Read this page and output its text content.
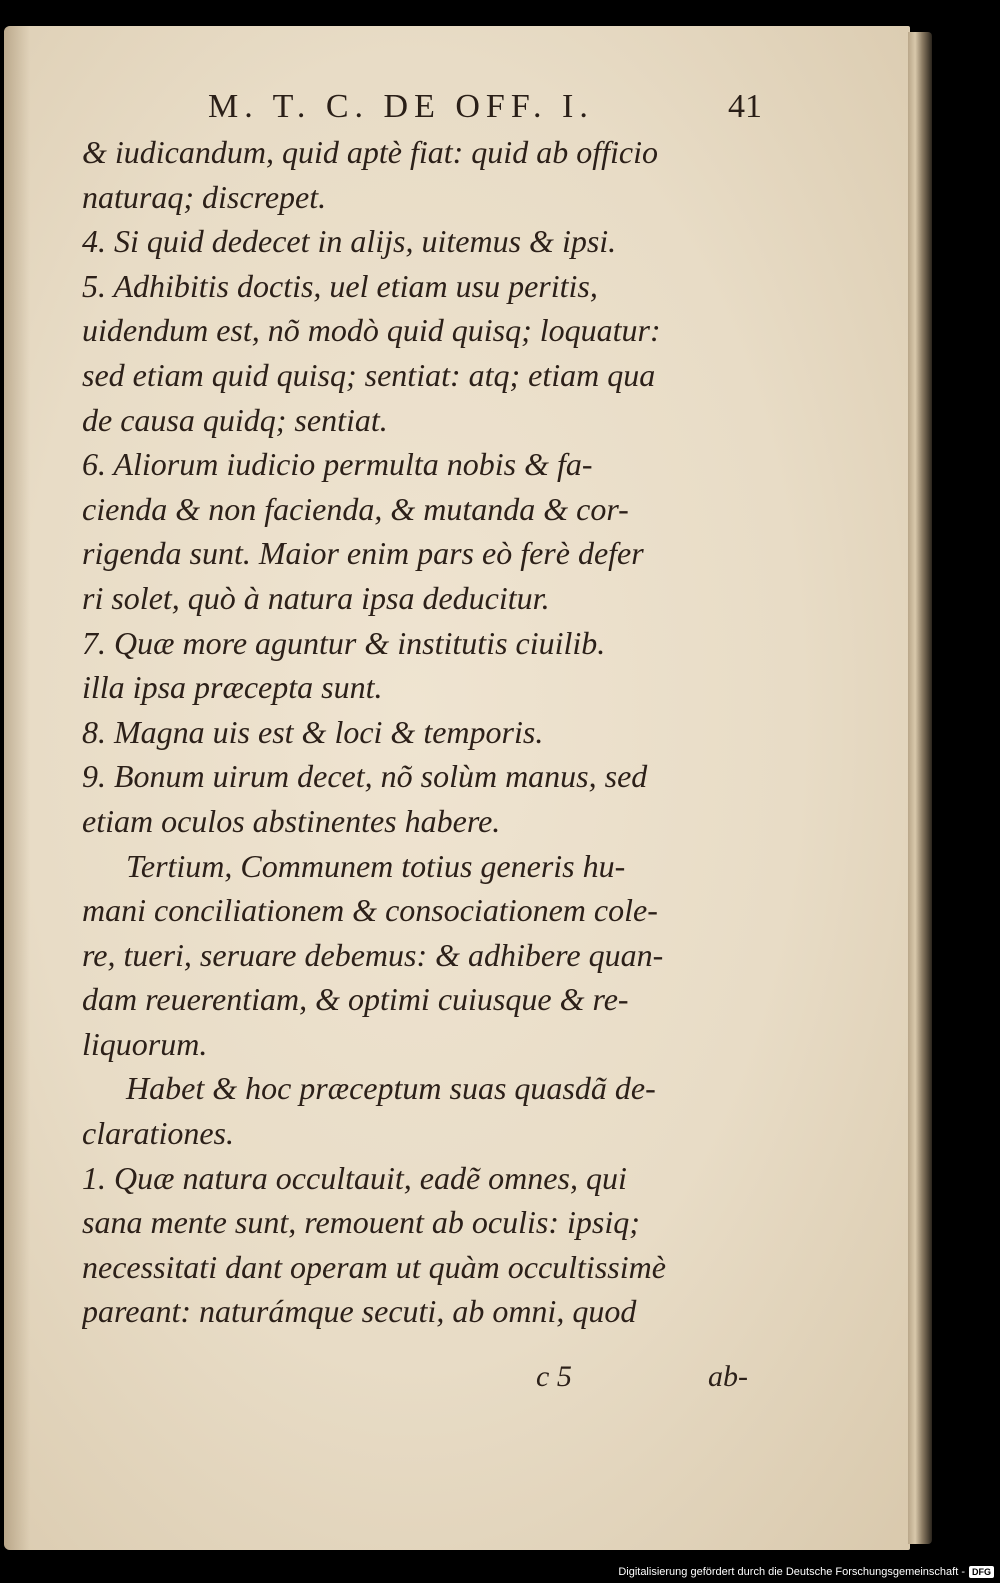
M. T. C. DE OFF. I.	41
& iudicandum, quid aptè fiat: quid ab officio
naturaq; discrepet.
4. Si quid dedecet in alijs, uitemus & ipsi.
5. Adhibitis doctis, uel etiam usu peritis,
uidendum est, nõ modò quid quisq; loquatur:
sed etiam quid quisq; sentiat: atq; etiam qua
de causa quidq; sentiat.
6. Aliorum iudicio permulta nobis & fa-
cienda & non facienda, & mutanda & cor-
rigenda sunt. Maior enim pars eò ferè defer
ri solet, quò à natura ipsa deducitur.
7. Quæ more aguntur & institutis ciuilib.
illa ipsa præcepta sunt.
8. Magna uis est & loci & temporis.
9. Bonum uirum decet, nõ solùm manus, sed
etiam oculos abstinentes habere.
Tertium, Communem totius generis hu-
mani conciliationem & consociationem cole-
re, tueri, seruare debemus: & adhibere quan-
dam reuerentiam, & optimi cuiusque & re-
liquorum.
Habet & hoc præceptum suas quasdã de-
clarationes.
1. Quæ natura occultauit, eadẽ omnes, qui
sana mente sunt, remouent ab oculis: ipsiq;
necessitati dant operam ut quàm occultissimè
pareant: naturámque secuti, ab omni, quod
c 5	ab-
Digitalisierung gefördert durch die Deutsche Forschungsgemeinschaft - DFG
